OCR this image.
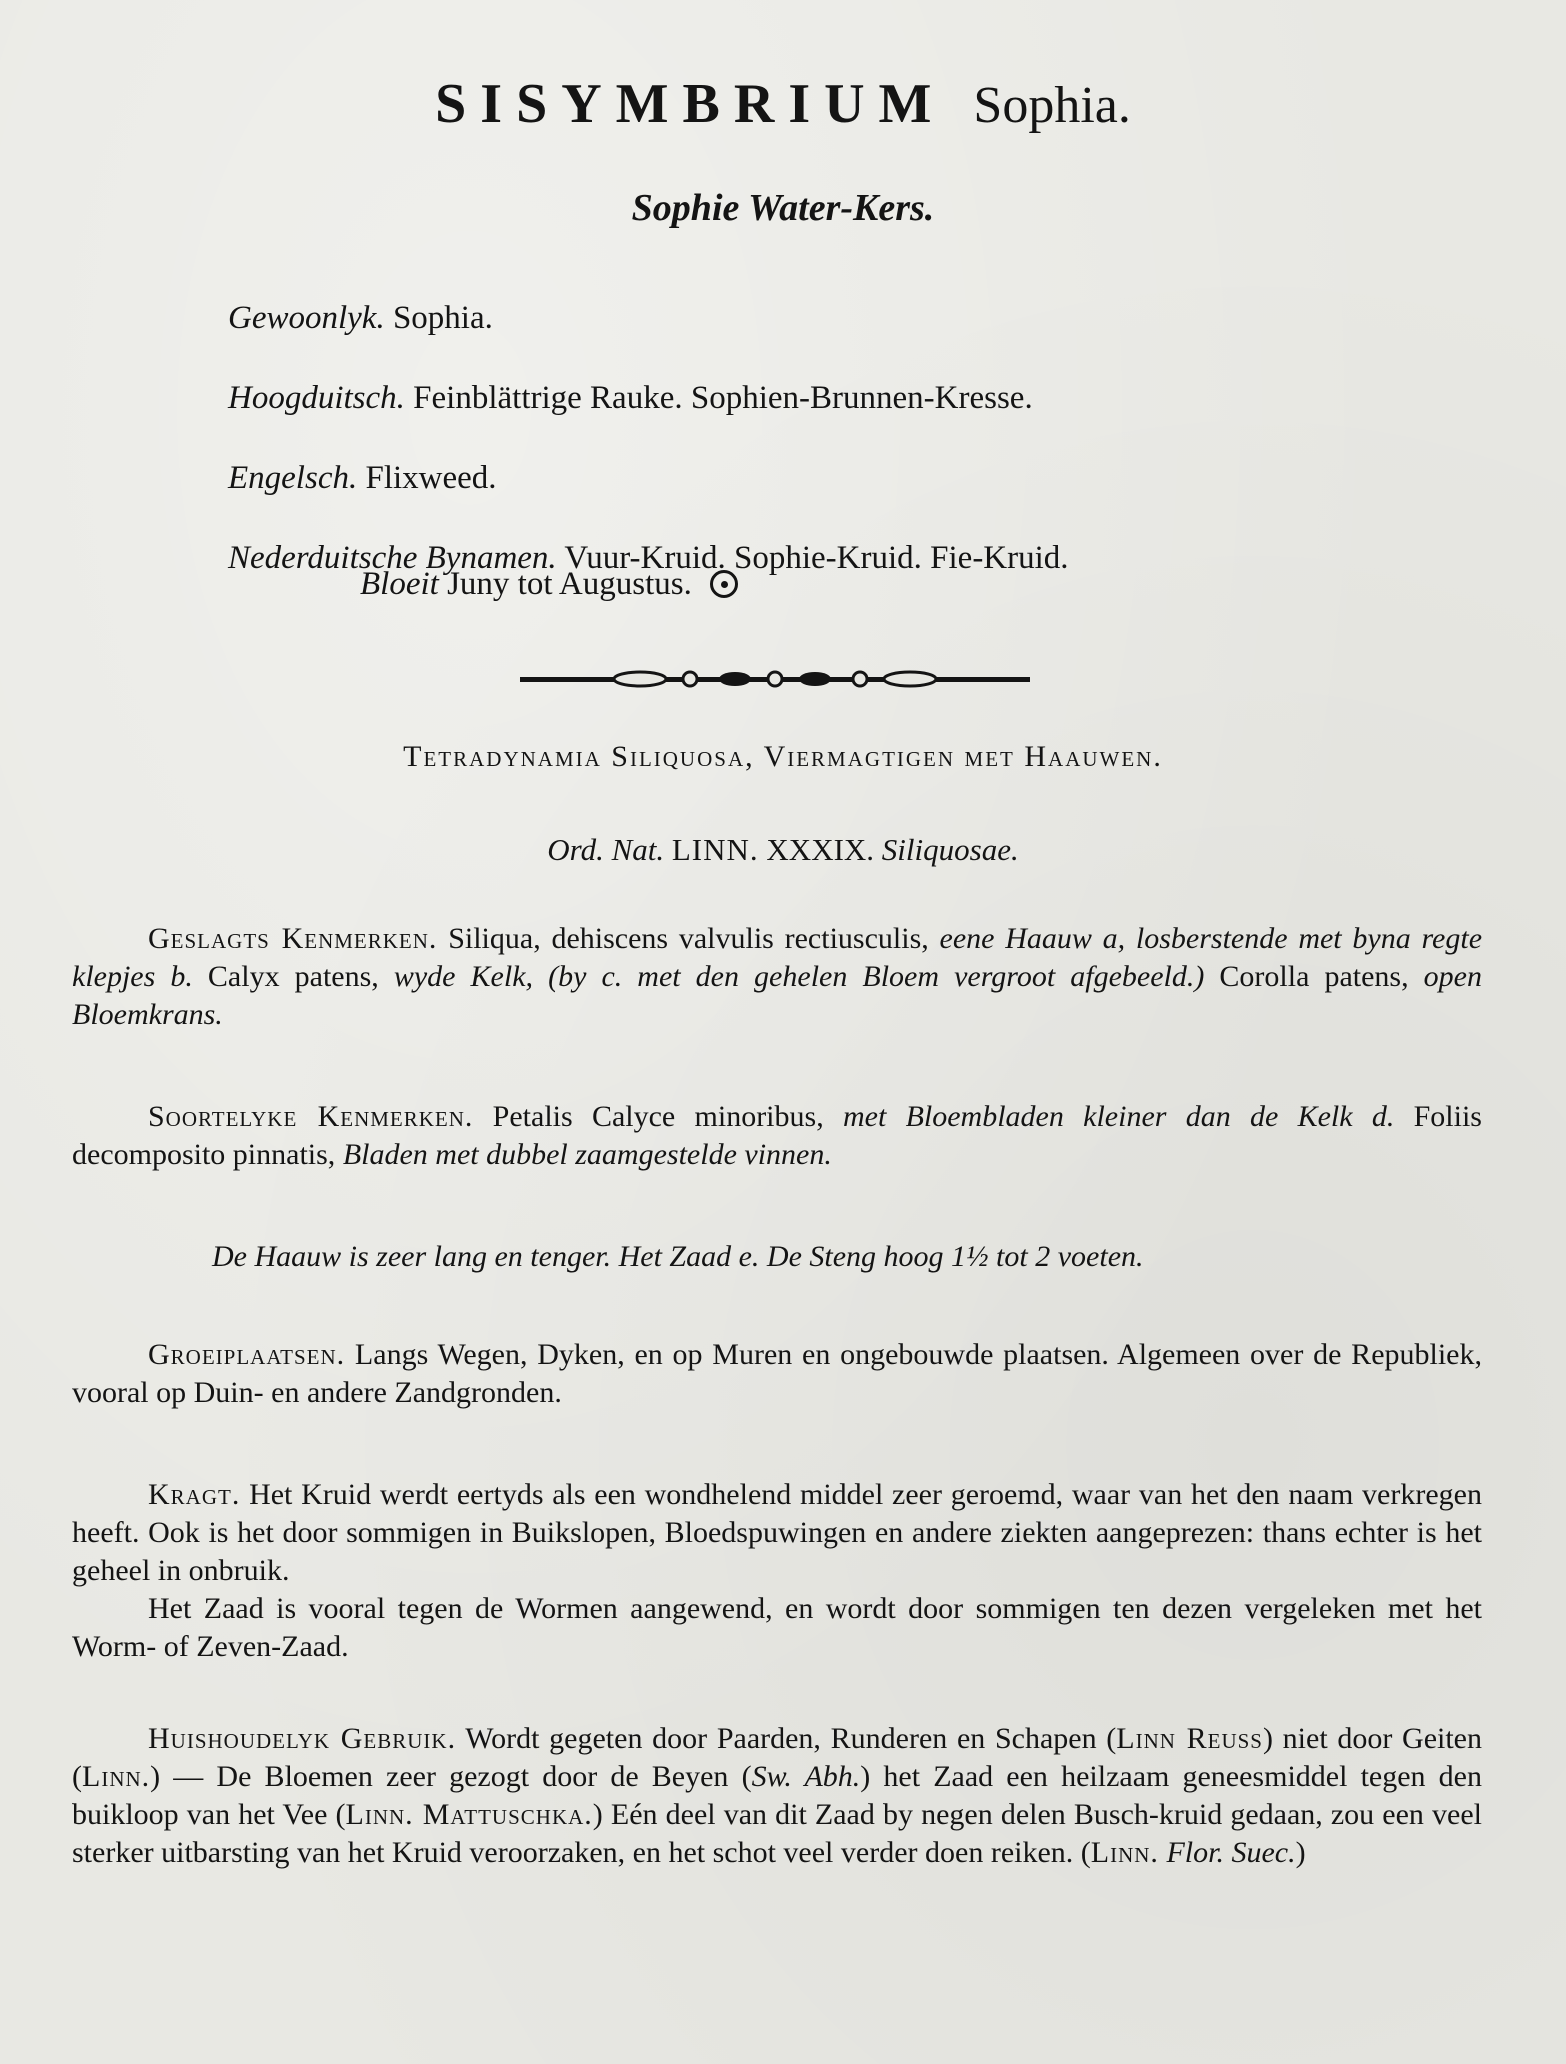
SISYMBRIUM Sophia.
Sophie Water-Kers.
Gewoonlyk. Sophia.
Hoogduitsch. Feinblättrige Rauke. Sophien-Brunnen-Kresse.
Engelsch. Flixweed.
Nederduitsche Bynamen. Vuur-Kruid. Sophie-Kruid. Fie-Kruid.
Bloeit Juny tot Augustus.
Tetradynamia Siliquosa, Viermagtigen met Haauwen.
Ord. Nat. LINN. XXXIX. Siliquosae.

Geslagts Kenmerken. Siliqua, dehiscens valvulis rectiusculis, eene Haauw a, losberstende met byna regte klepjes b. Calyx patens, wyde Kelk, (by c. met den gehelen Bloem vergroot afgebeeld.) Corolla patens, open Bloemkrans.

Soortelyke Kenmerken. Petalis Calyce minoribus, met Bloembladen kleiner dan de Kelk d. Foliis decomposito pinnatis, Bladen met dubbel zaamgestelde vinnen.

De Haauw is zeer lang en tenger. Het Zaad e. De Steng hoog 1½ tot 2 voeten.

Groeiplaatsen. Langs Wegen, Dyken, en op Muren en ongebouwde plaatsen. Algemeen over de Republiek, vooral op Duin- en andere Zandgronden.

Kragt. Het Kruid werdt eertyds als een wondhelend middel zeer geroemd, waar van het den naam verkregen heeft. Ook is het door sommigen in Buikslopen, Bloedspuwingen en andere ziekten aangeprezen: thans echter is het geheel in onbruik.

Het Zaad is vooral tegen de Wormen aangewend, en wordt door sommigen ten dezen vergeleken met het Worm- of Zeven-Zaad.

Huishoudelyk Gebruik. Wordt gegeten door Paarden, Runderen en Schapen (Linn Reuss) niet door Geiten (Linn.) — De Bloemen zeer gezogt door de Beyen (Sw. Abh.) het Zaad een heilzaam geneesmiddel tegen den buikloop van het Vee (Linn. Mattuschka.) Eén deel van dit Zaad by negen delen Busch-kruid gedaan, zou een veel sterker uitbarsting van het Kruid veroorzaken, en het schot veel verder doen reiken. (Linn. Flor. Suec.)
